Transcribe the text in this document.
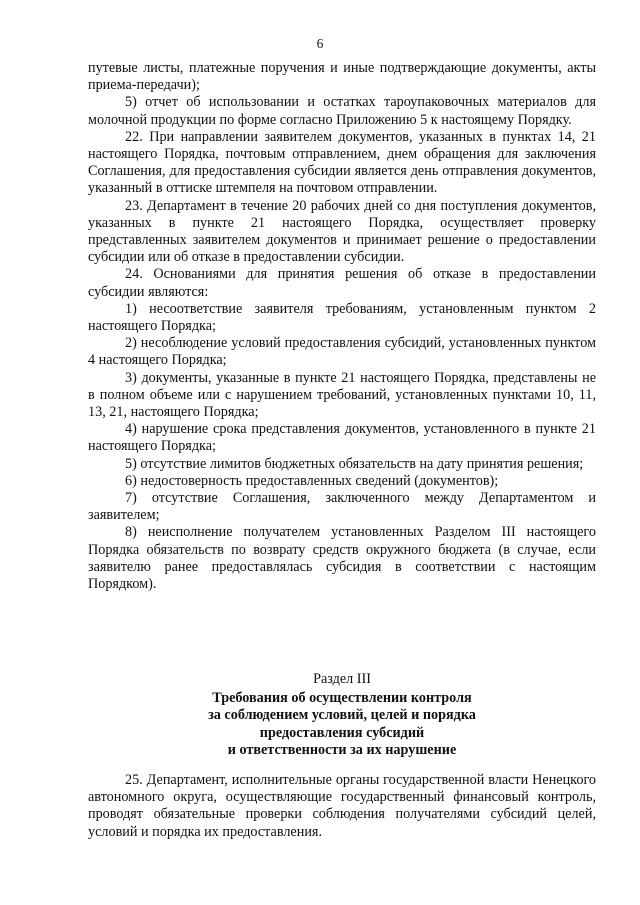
6

путевые листы, платежные поручения и иные подтверждающие документы, акты приема-передачи);

5) отчет об использовании и остатках тароупаковочных материалов для молочной продукции по форме согласно Приложению 5 к настоящему Порядку.

22. При направлении заявителем документов, указанных в пунктах 14, 21 настоящего Порядка, почтовым отправлением, днем обращения для заключения Соглашения, для предоставления субсидии является день отправления документов, указанный в оттиске штемпеля на почтовом отправлении.

23. Департамент в течение 20 рабочих дней со дня поступления документов, указанных в пункте 21 настоящего Порядка, осуществляет проверку представленных заявителем документов и принимает решение о предоставлении субсидии или об отказе в предоставлении субсидии.

24. Основаниями для принятия решения об отказе в предоставлении субсидии являются:

1) несоответствие заявителя требованиям, установленным пунктом 2 настоящего Порядка;

2) несоблюдение условий предоставления субсидий, установленных пунктом 4 настоящего Порядка;

3) документы, указанные в пункте 21 настоящего Порядка, представлены не в полном объеме или с нарушением требований, установленных пунктами 10, 11, 13, 21, настоящего Порядка;

4) нарушение срока представления документов, установленного в пункте 21 настоящего Порядка;

5) отсутствие лимитов бюджетных обязательств на дату принятия решения;

6) недостоверность предоставленных сведений (документов);

7) отсутствие Соглашения, заключенного между Департаментом и заявителем;

8) неисполнение получателем установленных Разделом III настоящего Порядка обязательств по возврату средств окружного бюджета (в случае, если заявителю ранее предоставлялась субсидия в соответствии с настоящим Порядком).

Раздел III

Требования об осуществлении контроля

за соблюдением условий, целей и порядка

предоставления субсидий

и ответственности за их нарушение

25. Департамент, исполнительные органы государственной власти Ненецкого автономного округа, осуществляющие государственный финансовый контроль, проводят обязательные проверки соблюдения получателями субсидий целей, условий и порядка их предоставления.
